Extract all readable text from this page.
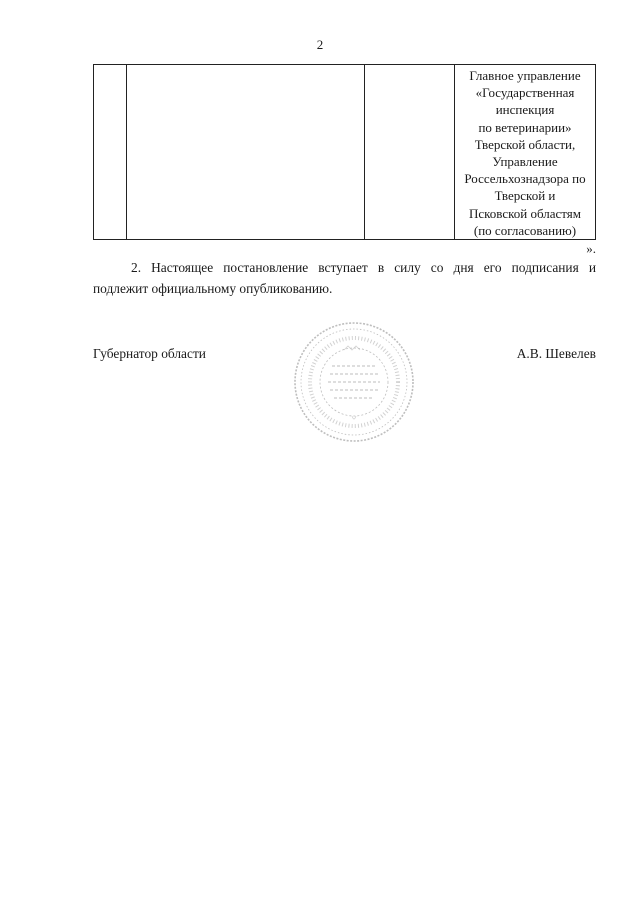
2
Главное управление
«Государственная
инспекция
по ветеринарии»
Тверской области,
Управление
Россельхознадзора по
Тверской и
Псковской областям
(по согласованию)
».
2. Настоящее постановление вступает в силу со дня его подписания и
подлежит официальному опубликованию.
Губернатор области	А.В. Шевелев
